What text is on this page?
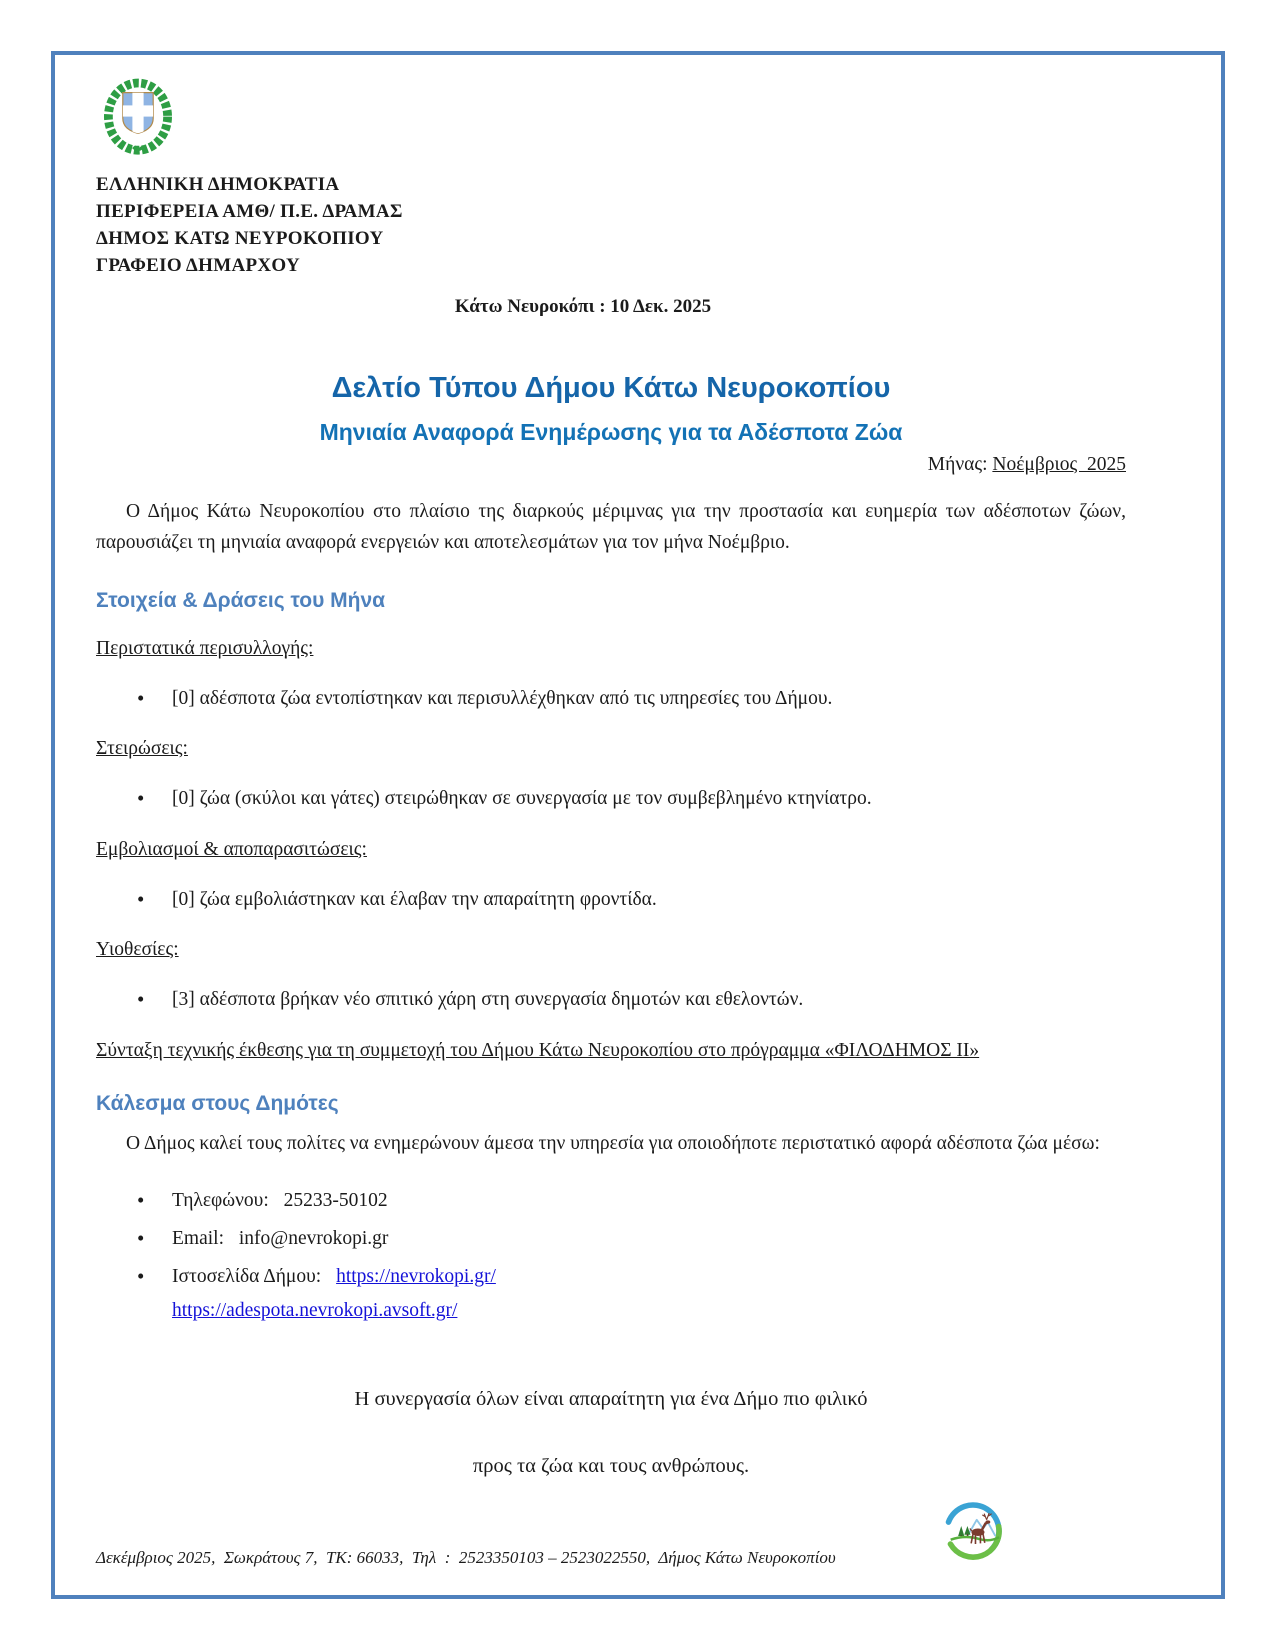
ΕΛΛΗΝΙΚΗ ΔΗΜΟΚΡΑΤΙΑ
ΠΕΡΙΦΕΡΕΙΑ ΑΜΘ/ Π.Ε. ΔΡΑΜΑΣ
ΔΗΜΟΣ ΚΑΤΩ ΝΕΥΡΟΚΟΠΙΟΥ
ΓΡΑΦΕΙΟ ΔΗΜΑΡΧΟΥ
Κάτω Νευροκόπι : 10 Δεκ. 2025
Δελτίο Τύπου Δήμου Κάτω Νευροκοπίου
Μηνιαία Αναφορά Ενημέρωσης για τα Αδέσποτα Ζώα
Μήνας: Νοέμβριος  2025
Ο Δήμος Κάτω Νευροκοπίου στο πλαίσιο της διαρκούς μέριμνας για την προστασία και ευημερία των αδέσποτων ζώων, παρουσιάζει τη μηνιαία αναφορά ενεργειών και αποτελεσμάτων για τον μήνα Νοέμβριο.
Στοιχεία & Δράσεις του Μήνα
Περιστατικά περισυλλογής:
• [0] αδέσποτα ζώα εντοπίστηκαν και περισυλλέχθηκαν από τις υπηρεσίες του Δήμου.
Στειρώσεις:
• [0] ζώα (σκύλοι και γάτες) στειρώθηκαν σε συνεργασία με τον συμβεβλημένο κτηνίατρο.
Εμβολιασμοί & αποπαρασιτώσεις:
• [0] ζώα εμβολιάστηκαν και έλαβαν την απαραίτητη φροντίδα.
Υιοθεσίες:
• [3] αδέσποτα βρήκαν νέο σπιτικό χάρη στη συνεργασία δημοτών και εθελοντών.
Σύνταξη τεχνικής έκθεσης για τη συμμετοχή του Δήμου Κάτω Νευροκοπίου στο πρόγραμμα «ΦΙΛΟΔΗΜΟΣ ΙΙ»
Κάλεσμα στους Δημότες
Ο Δήμος καλεί τους πολίτες να ενημερώνουν άμεσα την υπηρεσία για οποιοδήποτε περιστατικό αφορά αδέσποτα ζώα μέσω:
• Τηλεφώνου: 25233-50102
• Email: info@nevrokopi.gr
• Ιστοσελίδα Δήμου: https://nevrokopi.gr/
https://adespota.nevrokopi.avsoft.gr/
Η συνεργασία όλων είναι απαραίτητη για ένα Δήμο πιο φιλικό
προς τα ζώα και τους ανθρώπους.
Δεκέμβριος 2025,  Σωκράτους 7,  ΤΚ: 66033,  Τηλ  :  2523350103 – 2523022550,  Δήμος Κάτω Νευροκοπίου
